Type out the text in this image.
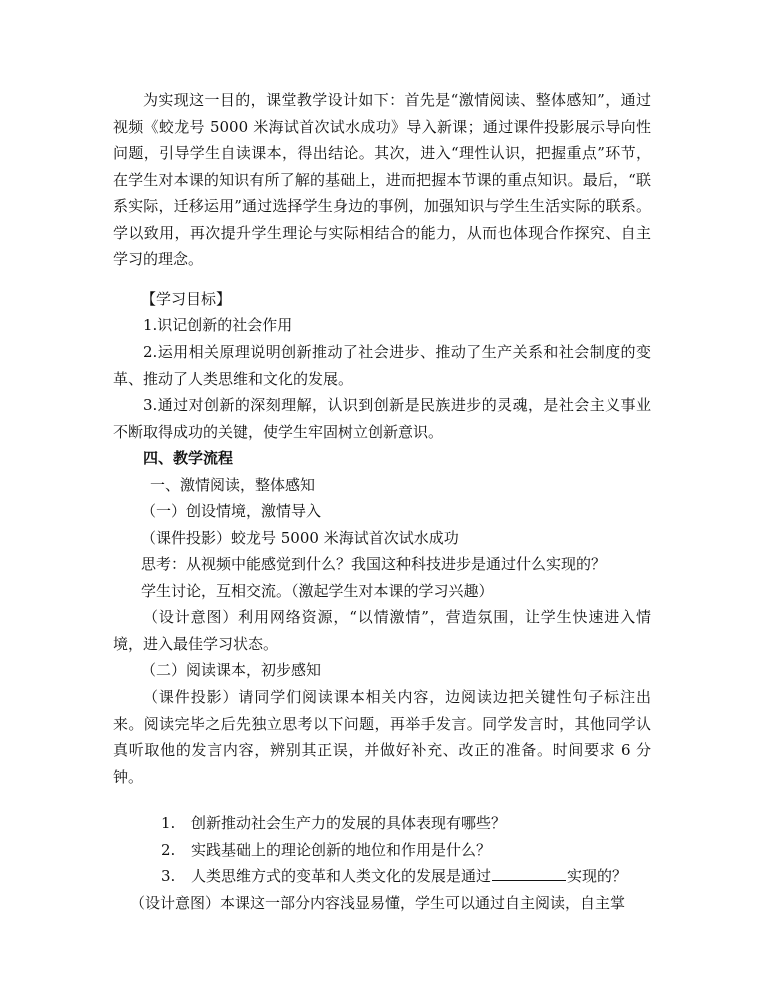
为实现这一目的，课堂教学设计如下：首先是“激情阅读、整体感知”，通过视频《蛟龙号 5000 米海试首次试水成功》导入新课；通过课件投影展示导向性问题，引导学生自读课本，得出结论。其次，进入“理性认识，把握重点”环节，在学生对本课的知识有所了解的基础上，进而把握本节课的重点知识。最后，“联系实际，迁移运用”通过选择学生身边的事例，加强知识与学生生活实际的联系。学以致用，再次提升学生理论与实际相结合的能力，从而也体现合作探究、自主学习的理念。

【学习目标】

1.识记创新的社会作用

2.运用相关原理说明创新推动了社会进步、推动了生产关系和社会制度的变革、推动了人类思维和文化的发展。

3.通过对创新的深刻理解，认识到创新是民族进步的灵魂，是社会主义事业不断取得成功的关键，使学生牢固树立创新意识。

四、教学流程

一、激情阅读，整体感知

（一）创设情境，激情导入

（课件投影）蛟龙号 5000 米海试首次试水成功

思考：从视频中能感觉到什么？我国这种科技进步是通过什么实现的？

学生讨论，互相交流。（激起学生对本课的学习兴趣）

（设计意图）利用网络资源，“以情激情”，营造氛围，让学生快速进入情境，进入最佳学习状态。

（二）阅读课本，初步感知

（课件投影）请同学们阅读课本相关内容，边阅读边把关键性句子标注出来。阅读完毕之后先独立思考以下问题，再举手发言。同学发言时，其他同学认真听取他的发言内容，辨别其正误，并做好补充、改正的准备。时间要求 6 分钟。

1. 创新推动社会生产力的发展的具体表现有哪些？
2. 实践基础上的理论创新的地位和作用是什么？
3. 人类思维方式的变革和人类文化的发展是通过	实现的？

（设计意图）本课这一部分内容浅显易懂，学生可以通过自主阅读，自主掌
